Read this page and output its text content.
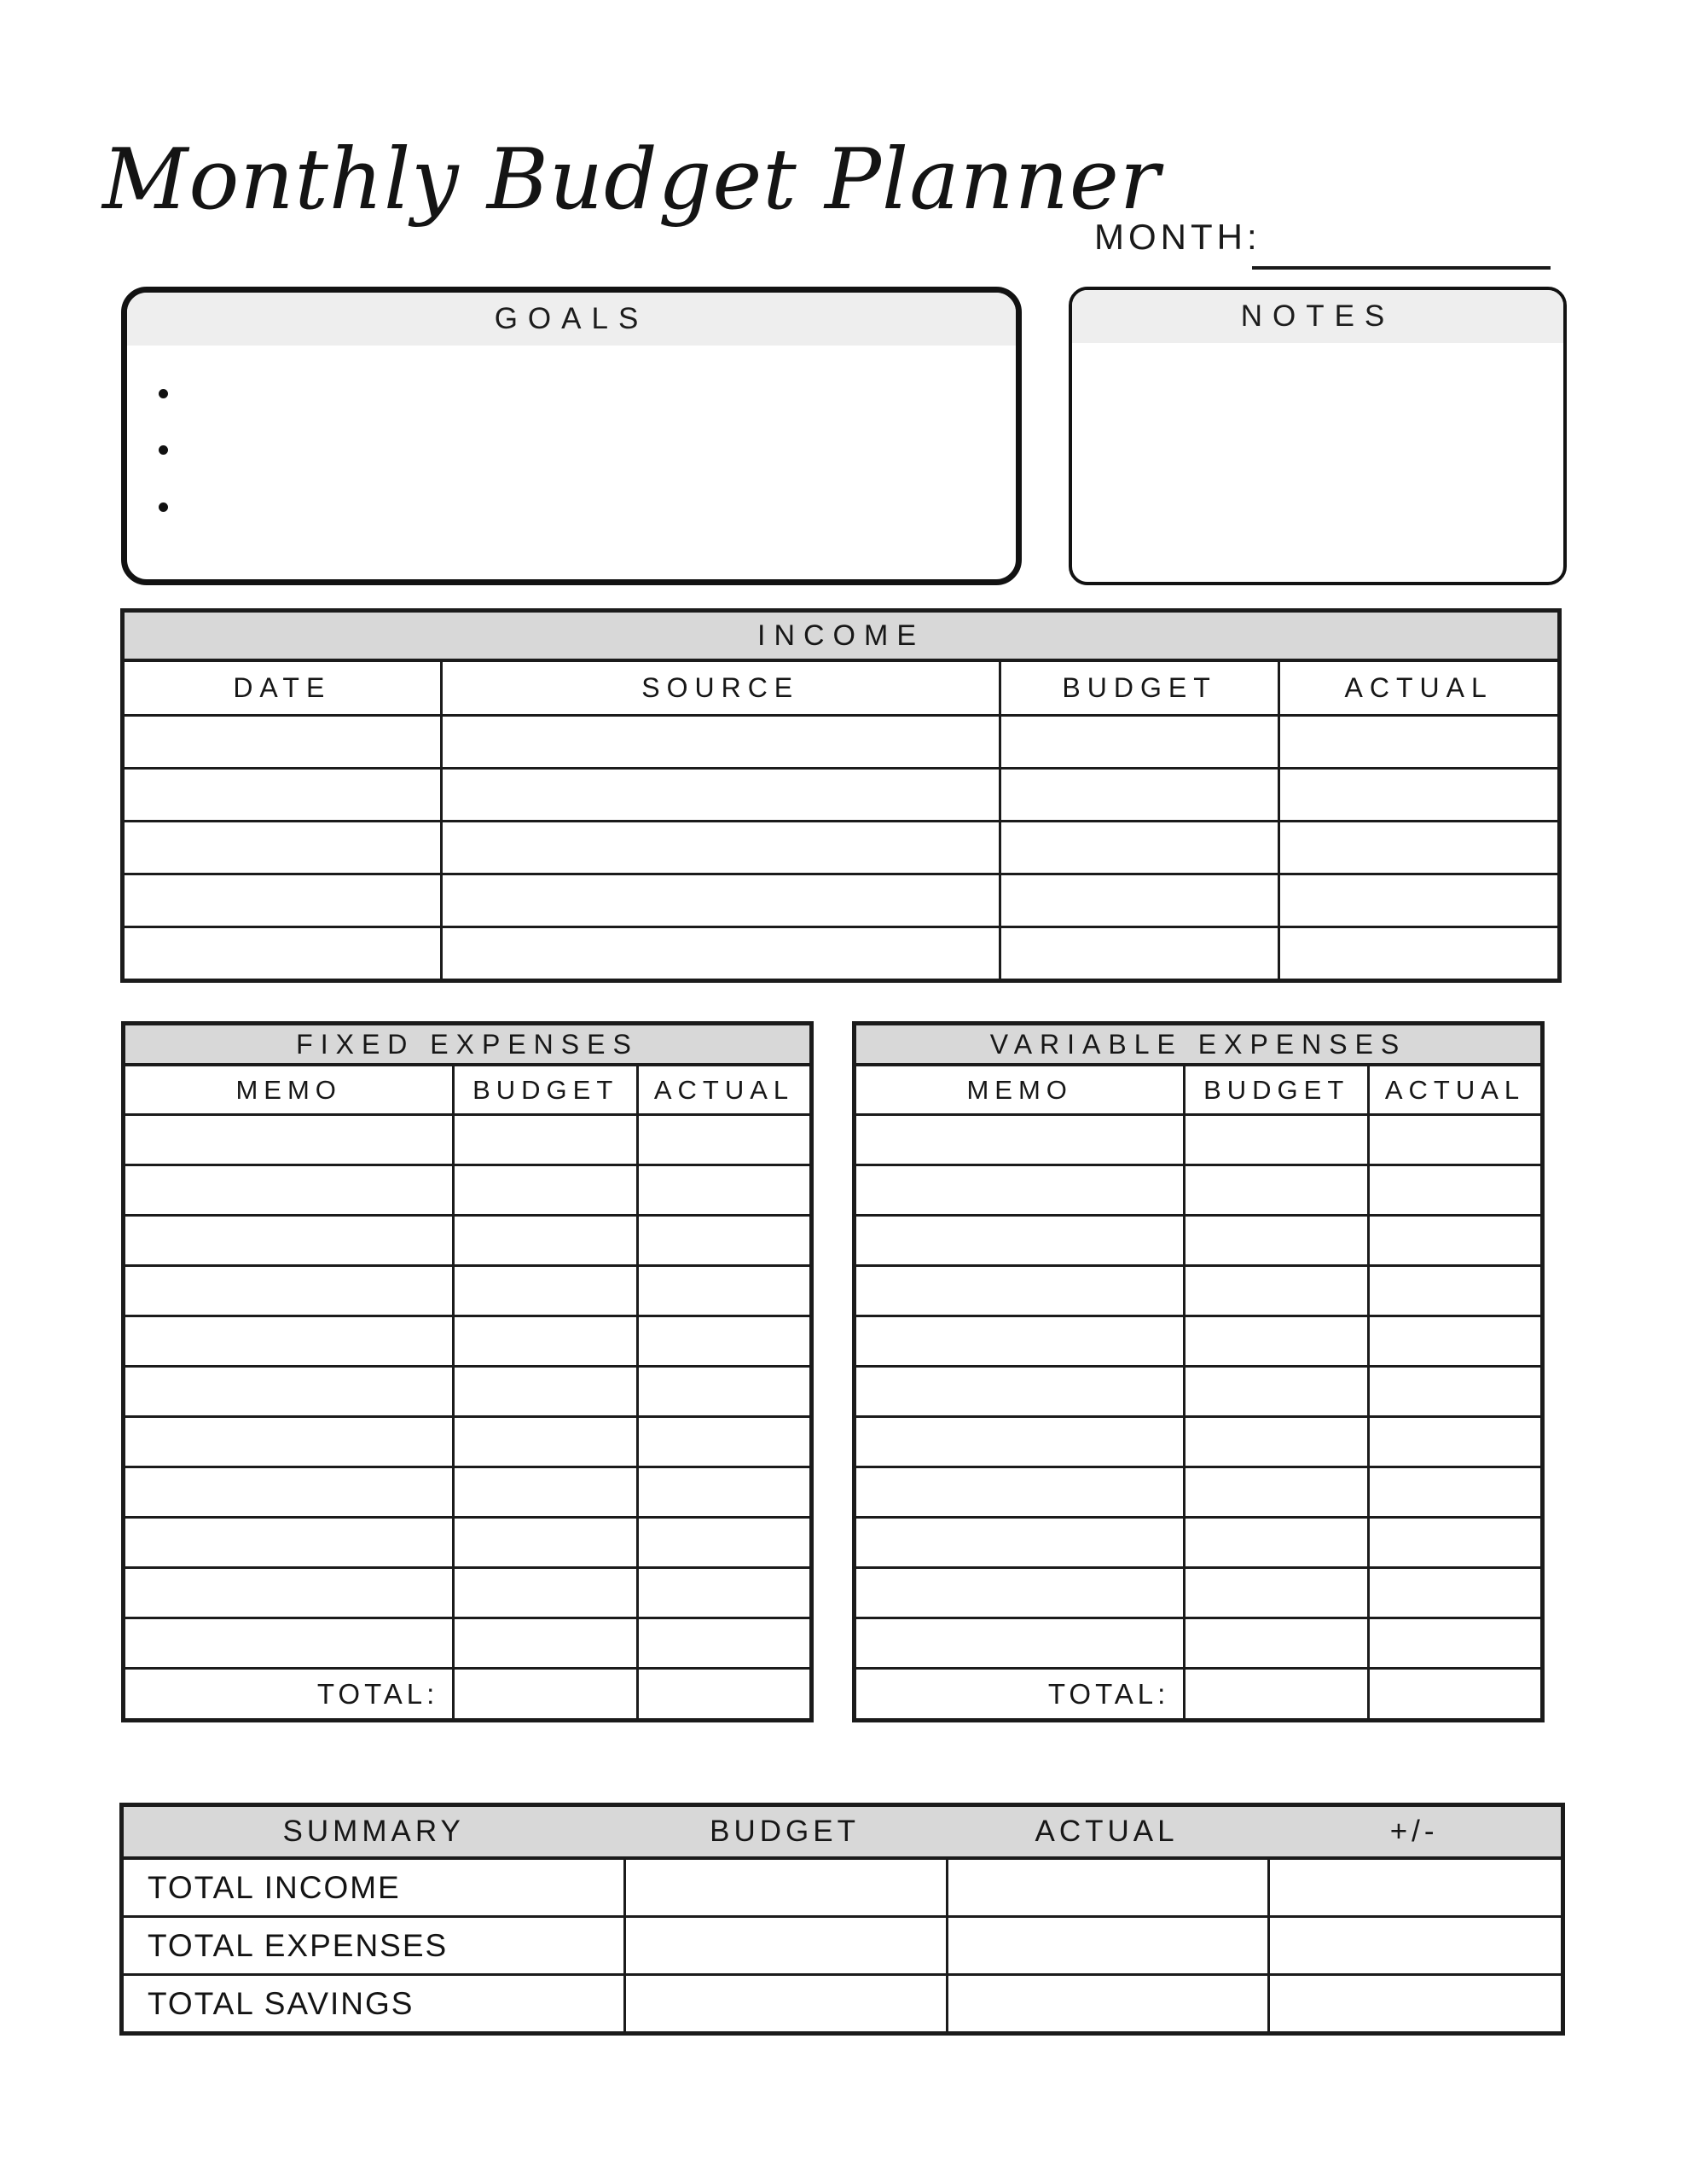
Monthly Budget Planner
MONTH:
GOALS	NOTES
INCOME
DATE	SOURCE	BUDGET	ACTUAL
FIXED EXPENSES
MEMO	BUDGET	ACTUAL
TOTAL:
VARIABLE EXPENSES
MEMO	BUDGET	ACTUAL
TOTAL:
SUMMARY	BUDGET	ACTUAL	+/-
TOTAL INCOME
TOTAL EXPENSES
TOTAL SAVINGS
